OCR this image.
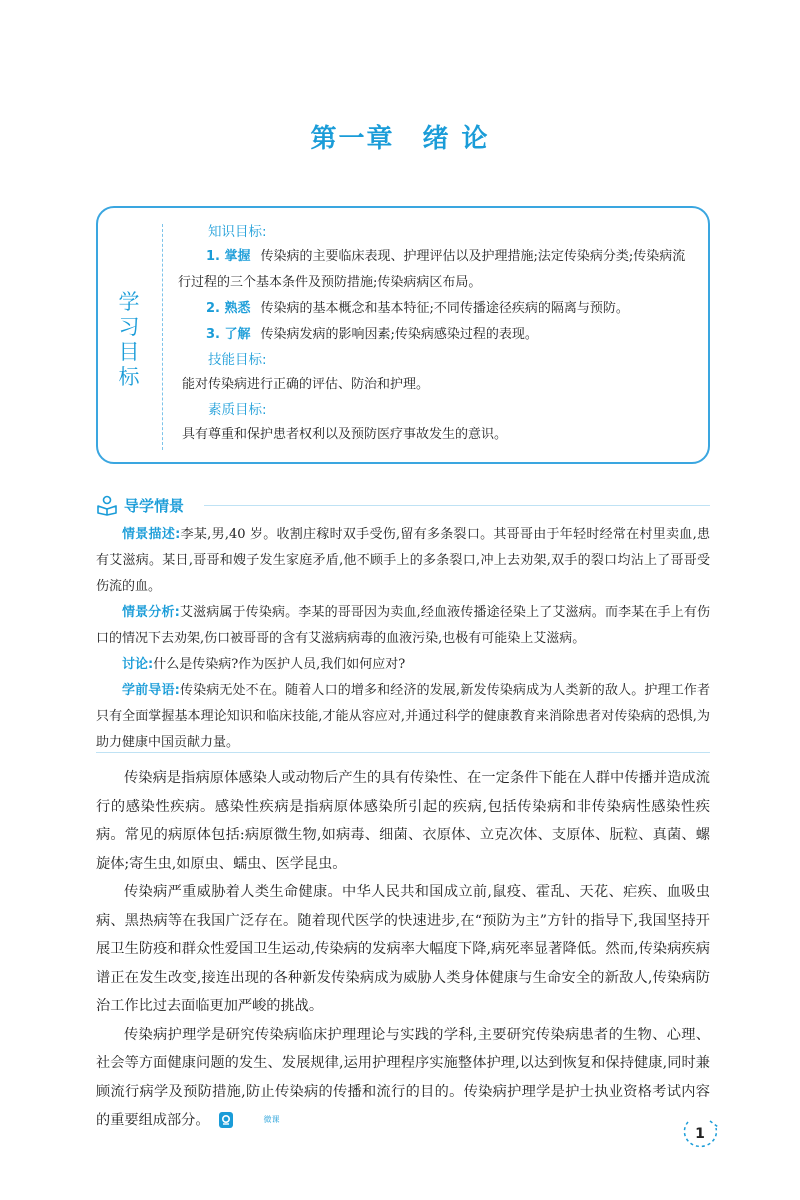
第一章 绪 论
学习目标
知识目标:
1. 掌握 传染病的主要临床表现、护理评估以及护理措施;法定传染病分类;传染病流行过程的三个基本条件及预防措施;传染病病区布局。
2. 熟悉 传染病的基本概念和基本特征;不同传播途径疾病的隔离与预防。
3. 了解 传染病发病的影响因素;传染病感染过程的表现。
技能目标:
能对传染病进行正确的评估、防治和护理。
素质目标:
具有尊重和保护患者权利以及预防医疗事故发生的意识。
导学情景
情景描述:李某,男,40 岁。收割庄稼时双手受伤,留有多条裂口。其哥哥由于年轻时经常在村里卖血,患有艾滋病。某日,哥哥和嫂子发生家庭矛盾,他不顾手上的多条裂口,冲上去劝架,双手的裂口均沾上了哥哥受伤流的血。
情景分析:艾滋病属于传染病。李某的哥哥因为卖血,经血液传播途径染上了艾滋病。而李某在手上有伤口的情况下去劝架,伤口被哥哥的含有艾滋病病毒的血液污染,也极有可能染上艾滋病。
讨论:什么是传染病?作为医护人员,我们如何应对?
学前导语:传染病无处不在。随着人口的增多和经济的发展,新发传染病成为人类新的敌人。护理工作者只有全面掌握基本理论知识和临床技能,才能从容应对,并通过科学的健康教育来消除患者对传染病的恐惧,为助力健康中国贡献力量。
传染病是指病原体感染人或动物后产生的具有传染性、在一定条件下能在人群中传播并造成流行的感染性疾病。感染性疾病是指病原体感染所引起的疾病,包括传染病和非传染病性感染性疾病。常见的病原体包括:病原微生物,如病毒、细菌、衣原体、立克次体、支原体、朊粒、真菌、螺旋体;寄生虫,如原虫、蠕虫、医学昆虫。
传染病严重威胁着人类生命健康。中华人民共和国成立前,鼠疫、霍乱、天花、疟疾、血吸虫病、黑热病等在我国广泛存在。随着现代医学的快速进步,在“预防为主”方针的指导下,我国坚持开展卫生防疫和群众性爱国卫生运动,传染病的发病率大幅度下降,病死率显著降低。然而,传染病疾病谱正在发生改变,接连出现的各种新发传染病成为威胁人类身体健康与生命安全的新敌人,传染病防治工作比过去面临更加严峻的挑战。
传染病护理学是研究传染病临床护理理论与实践的学科,主要研究传染病患者的生物、心理、社会等方面健康问题的发生、发展规律,运用护理程序实施整体护理,以达到恢复和保持健康,同时兼顾流行病学及预防措施,防止传染病的传播和流行的目的。传染病护理学是护士执业资格考试内容的重要组成部分。	微课
1
